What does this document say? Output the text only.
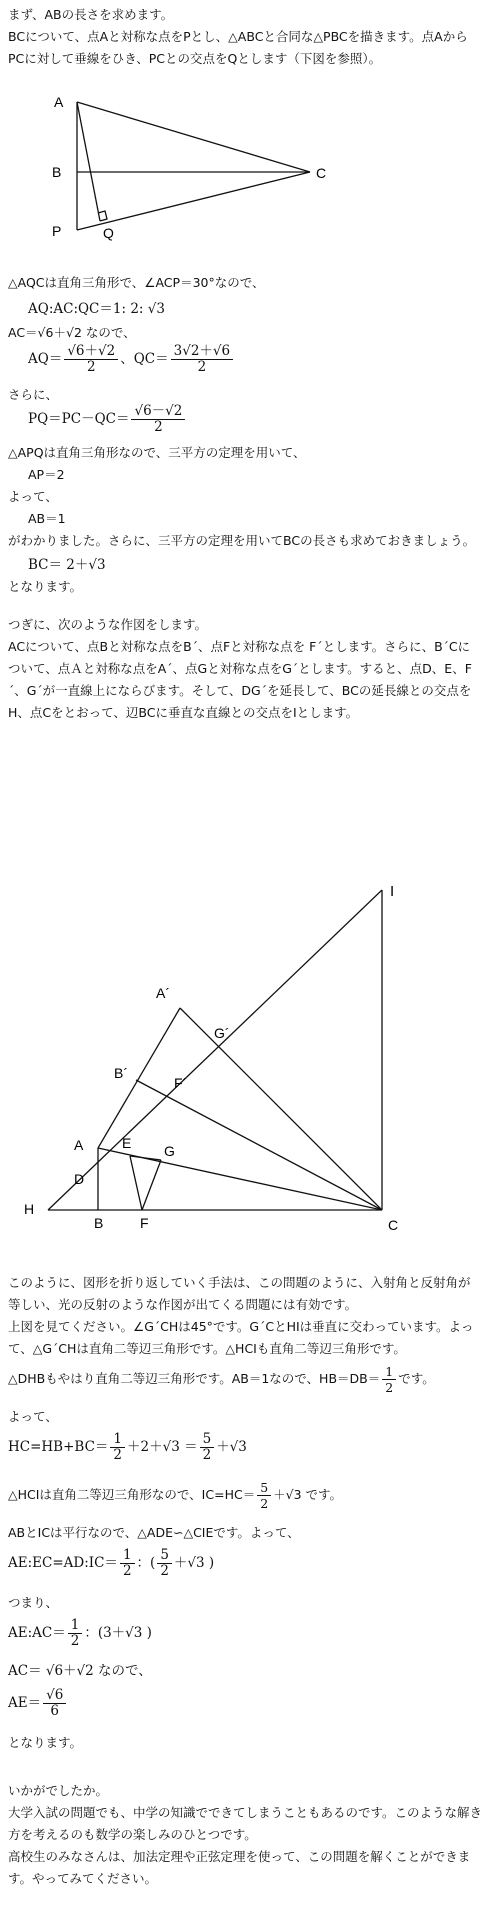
まず、ABの長さを求めます。
BCについて、点Aと対称な点をPとし、△ABCと合同な△PBCを描きます。点AからPCに対して垂線をひき、PCとの交点をQとします（下図を参照）。
A
B	C
P	Q
△AQCは直角三角形で、∠ACP＝30°なので、
AQ:AC:QC＝1: 2: √3
AC＝√6＋√2 なので、
$AQ= \frac{√6+√2}{2}$ 、$QC= \frac{3√2+√6}{2}$
さらに、
$PQ=PC-QC= \frac{√6-√2}{2}$
△APQは直角三角形なので、三平方の定理を用いて、
AP＝2
よって、
AB＝1
がわかりました。さらに、三平方の定理を用いてBCの長さも求めておきましょう。
BC＝ 2＋√3
となります。
つぎに、次のような作図をします。
ACについて、点Bと対称な点をB´、点Fと対称な点を F´とします。さらに、B´Cについて、点Ａと対称な点をA´、点Gと対称な点をG´とします。すると、点D、E、F´、G´が一直線上にならびます。そして、DG´を延長して、BCの延長線との交点をH、点Cをとおって、辺BCに垂直な直線との交点をIとします。
I
A´
G´
B´
F´
A	E G
D
H
B	F	C
このように、図形を折り返していく手法は、この問題のように、入射角と反射角が等しい、光の反射のような作図が出てくる問題には有効です。
上図を見てください。∠G´CHは45°です。G´CとHIは垂直に交わっています。よって、△G´CHは直角二等辺三角形です。△HCIも直角二等辺三角形です。
△DHBもやはり直角二等辺三角形です。AB＝1なので、$HB=DB= \frac{1}{2}$ です。
よって、
$HC=HB+BC= \frac{1}{2} +2+√3 = \frac{5}{2} +√3$
△HCIは直角二等辺三角形なので、$IC=HC= \frac{5}{2} +√3$ です。
ABとICは平行なので、△ADE∽△CIEです。よって、
AE:EC=AD:IC＝ $\frac{1}{2}$ ：( $\frac{5}{2} +√3$ )
つまり、
AE:AC＝ $\frac{1}{2}$ ：(3＋√3 )
AC＝ √6＋√2 なので、
$AE= \frac{√6}{6}$
となります。
いかがでしたか。
大学入試の問題でも、中学の知識でできてしまうこともあるのです。このような解き方を考えるのも数学の楽しみのひとつです。
高校生のみなさんは、加法定理や正弦定理を使って、この問題を解くことができます。やってみてください。
